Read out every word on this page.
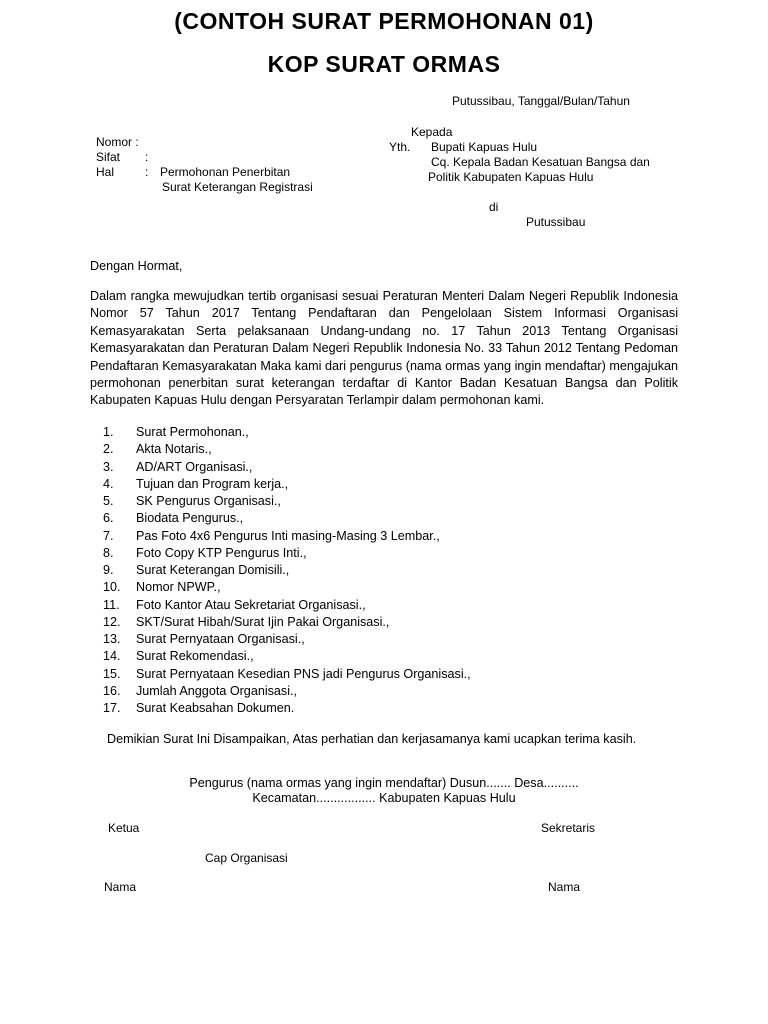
(CONTOH SURAT PERMOHONAN 01)
KOP SURAT ORMAS
Putussibau, Tanggal/Bulan/Tahun
Nomor :
Sifat :
Hal	: Permohonan Penerbitan
Surat Keterangan Registrasi
Kepada
Yth. Bupati Kapuas Hulu
Cq. Kepala Badan Kesatuan Bangsa dan
Politik Kabupaten Kapuas Hulu
di
Putussibau
Dengan Hormat,
Dalam rangka mewujudkan tertib organisasi sesuai Peraturan Menteri Dalam Negeri Republik Indonesia Nomor 57 Tahun 2017 Tentang Pendaftaran dan Pengelolaan Sistem Informasi Organisasi Kemasyarakatan Serta pelaksanaan Undang-undang no. 17 Tahun 2013 Tentang Organisasi Kemasyarakatan dan Peraturan Dalam Negeri Republik Indonesia No. 33 Tahun 2012 Tentang Pedoman Pendaftaran Kemasyarakatan Maka kami dari pengurus (nama ormas yang ingin mendaftar) mengajukan permohonan penerbitan surat keterangan terdaftar di Kantor Badan Kesatuan Bangsa dan Politik Kabupaten Kapuas Hulu dengan Persyaratan Terlampir dalam permohonan kami.
1. Surat Permohonan.,
2. Akta Notaris.,
3. AD/ART Organisasi.,
4. Tujuan dan Program kerja.,
5. SK Pengurus Organisasi.,
6. Biodata Pengurus.,
7. Pas Foto 4x6 Pengurus Inti masing-Masing 3 Lembar.,
8. Foto Copy KTP Pengurus Inti.,
9. Surat Keterangan Domisili.,
10. Nomor NPWP.,
11. Foto Kantor Atau Sekretariat Organisasi.,
12. SKT/Surat Hibah/Surat Ijin Pakai Organisasi.,
13. Surat Pernyataan Organisasi.,
14. Surat Rekomendasi.,
15. Surat Pernyataan Kesedian PNS jadi Pengurus Organisasi.,
16. Jumlah Anggota Organisasi.,
17. Surat Keabsahan Dokumen.
Demikian Surat Ini Disampaikan, Atas perhatian dan kerjasamanya kami ucapkan terima kasih.
Pengurus (nama ormas yang ingin mendaftar) Dusun....... Desa..........
Kecamatan................. Kabupaten Kapuas Hulu
Ketua	Sekretaris
Cap Organisasi
Nama	Nama
